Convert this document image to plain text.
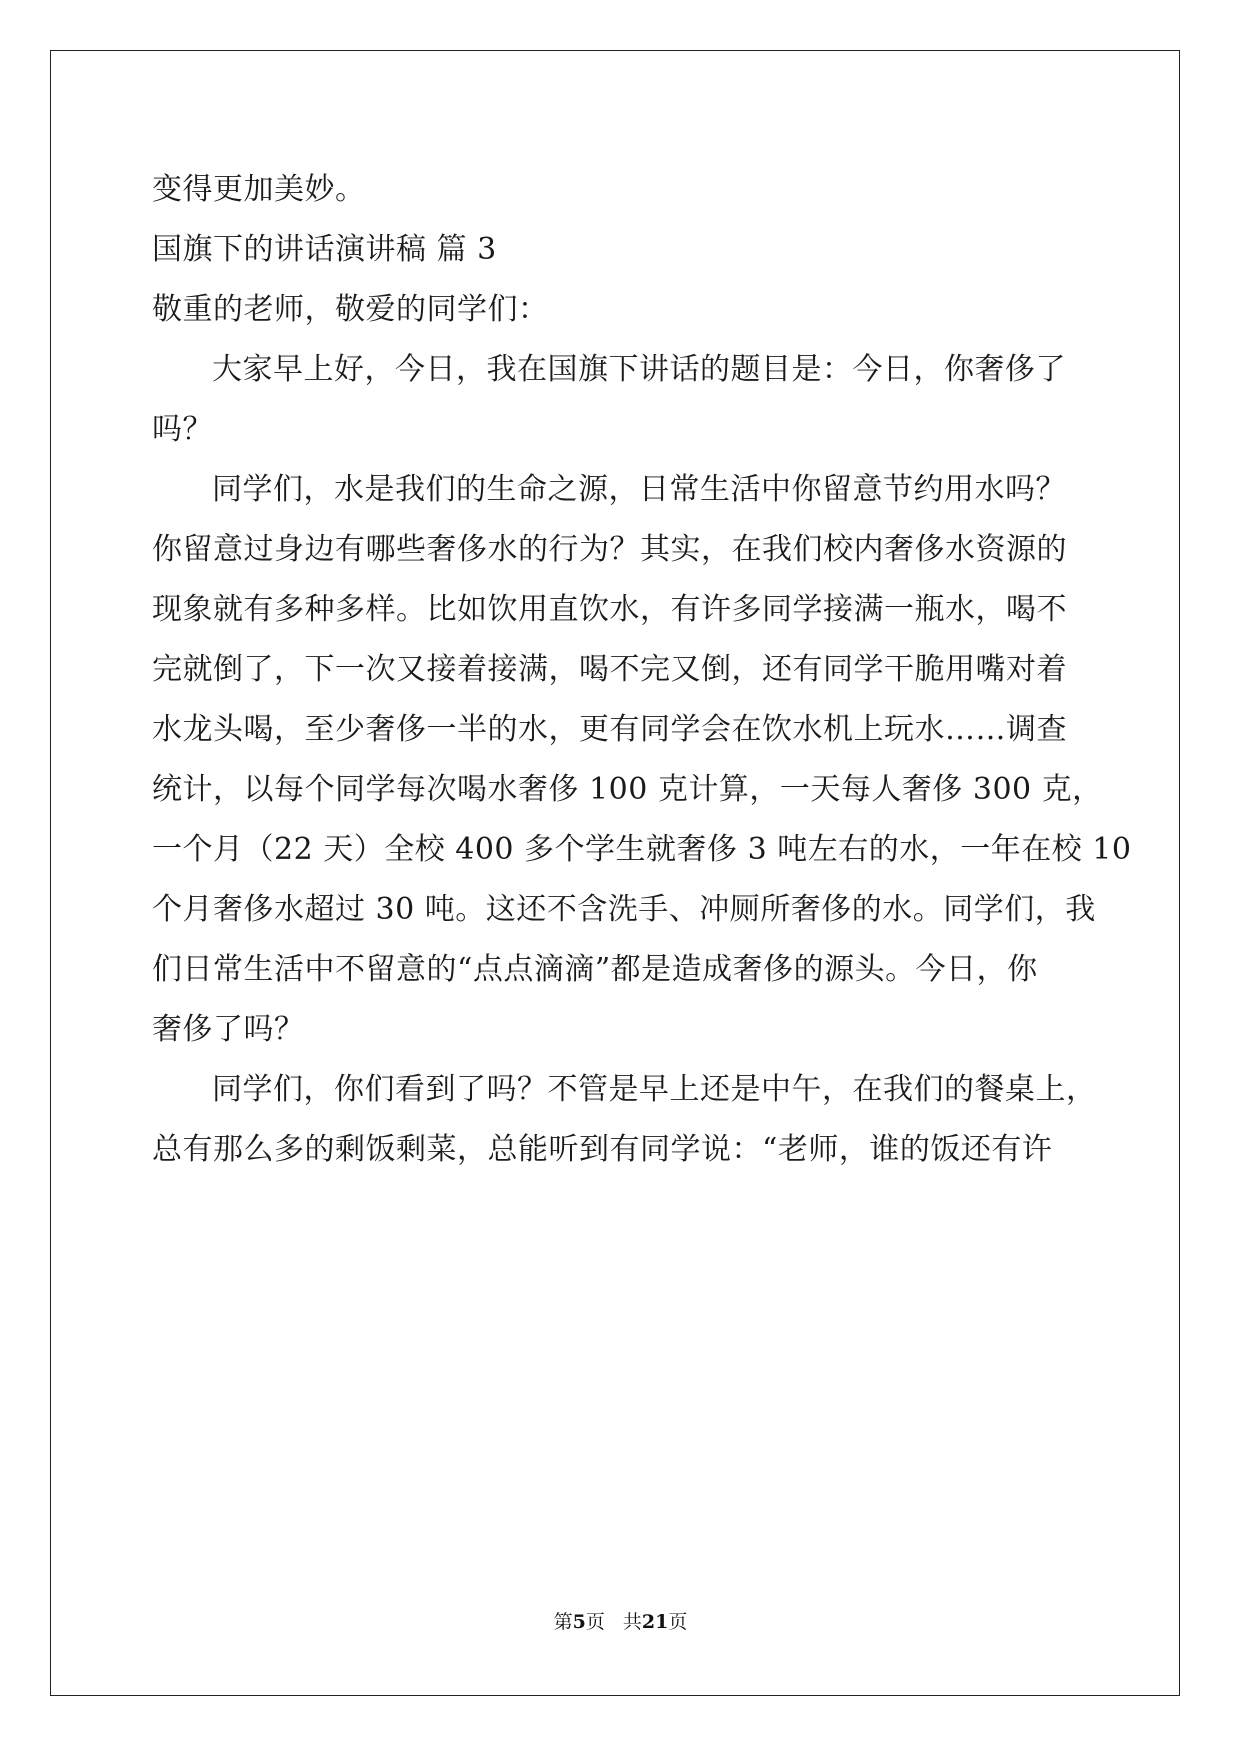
变得更加美妙。

国旗下的讲话演讲稿 篇 3

敬重的老师，敬爱的同学们：

大家早上好，今日，我在国旗下讲话的题目是：今日，你奢侈了

吗？

同学们，水是我们的生命之源，日常生活中你留意节约用水吗？

你留意过身边有哪些奢侈水的行为？其实，在我们校内奢侈水资源的

现象就有多种多样。比如饮用直饮水，有许多同学接满一瓶水，喝不

完就倒了，下一次又接着接满，喝不完又倒，还有同学干脆用嘴对着

水龙头喝，至少奢侈一半的水，更有同学会在饮水机上玩水……调查

统计，以每个同学每次喝水奢侈 100 克计算，一天每人奢侈 300 克，

一个月（22 天）全校 400 多个学生就奢侈 3 吨左右的水，一年在校 10

个月奢侈水超过 30 吨。这还不含洗手、冲厕所奢侈的水。同学们，我

们日常生活中不留意的“点点滴滴”都是造成奢侈的源头。今日，你

奢侈了吗？

同学们，你们看到了吗？不管是早上还是中午，在我们的餐桌上，

总有那么多的剩饭剩菜，总能听到有同学说：“老师，谁的饭还有许

第5页 共21页
